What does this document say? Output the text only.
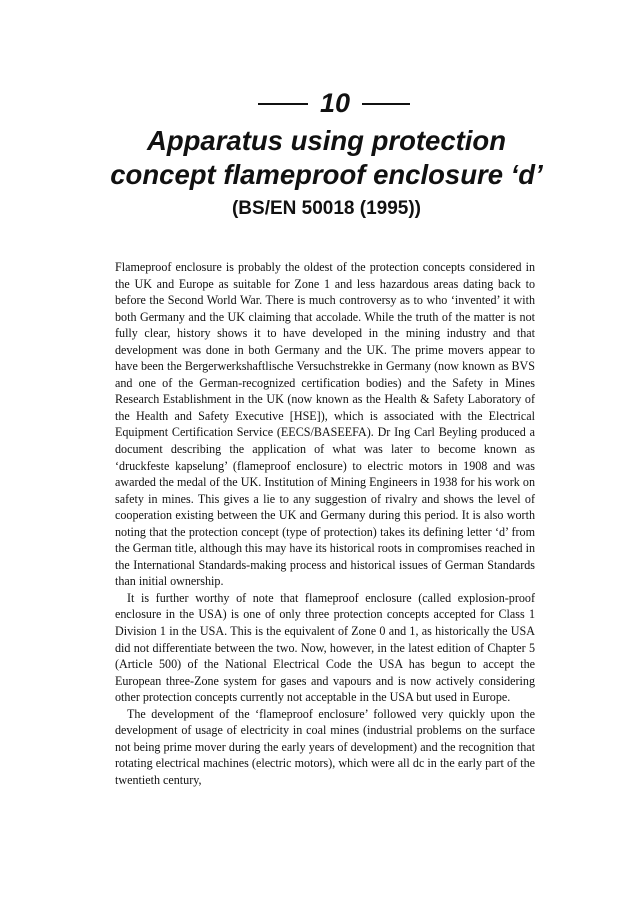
10
Apparatus using protection
concept flameproof enclosure ‘d’
(BS/EN 50018 (1995))

Flameproof enclosure is probably the oldest of the protection concepts considered in the UK and Europe as suitable for Zone 1 and less hazardous areas dating back to before the Second World War. There is much controversy as to who ‘invented’ it with both Germany and the UK claiming that accolade. While the truth of the matter is not fully clear, history shows it to have developed in the mining industry and that development was done in both Germany and the UK. The prime movers appear to have been the Bergerwerkshaftlische Versuchstrekke in Germany (now known as BVS and one of the German-recognized certification bodies) and the Safety in Mines Research Establishment in the UK (now known as the Health & Safety Laboratory of the Health and Safety Executive [HSE]), which is associated with the Electrical Equipment Certification Service (EECS/BASEEFA). Dr Ing Carl Beyling produced a document describing the application of what was later to become known as ‘druckfeste kapselung’ (flameproof enclosure) to electric motors in 1908 and was awarded the medal of the UK. Institution of Mining Engineers in 1938 for his work on safety in mines. This gives a lie to any suggestion of rivalry and shows the level of cooperation existing between the UK and Germany during this period. It is also worth noting that the protection concept (type of protection) takes its defining letter ‘d’ from the German title, although this may have its historical roots in compromises reached in the International Standards-making process and historical issues of German Standards than initial ownership.

It is further worthy of note that flameproof enclosure (called explosion-proof enclosure in the USA) is one of only three protection concepts accepted for Class 1 Division 1 in the USA. This is the equivalent of Zone 0 and 1, as historically the USA did not differentiate between the two. Now, however, in the latest edition of Chapter 5 (Article 500) of the National Electrical Code the USA has begun to accept the European three-Zone system for gases and vapours and is now actively considering other protection concepts currently not acceptable in the USA but used in Europe.

The development of the ‘flameproof enclosure’ followed very quickly upon the development of usage of electricity in coal mines (industrial problems on the surface not being prime mover during the early years of development) and the recognition that rotating electrical machines (electric motors), which were all dc in the early part of the twentieth century,
